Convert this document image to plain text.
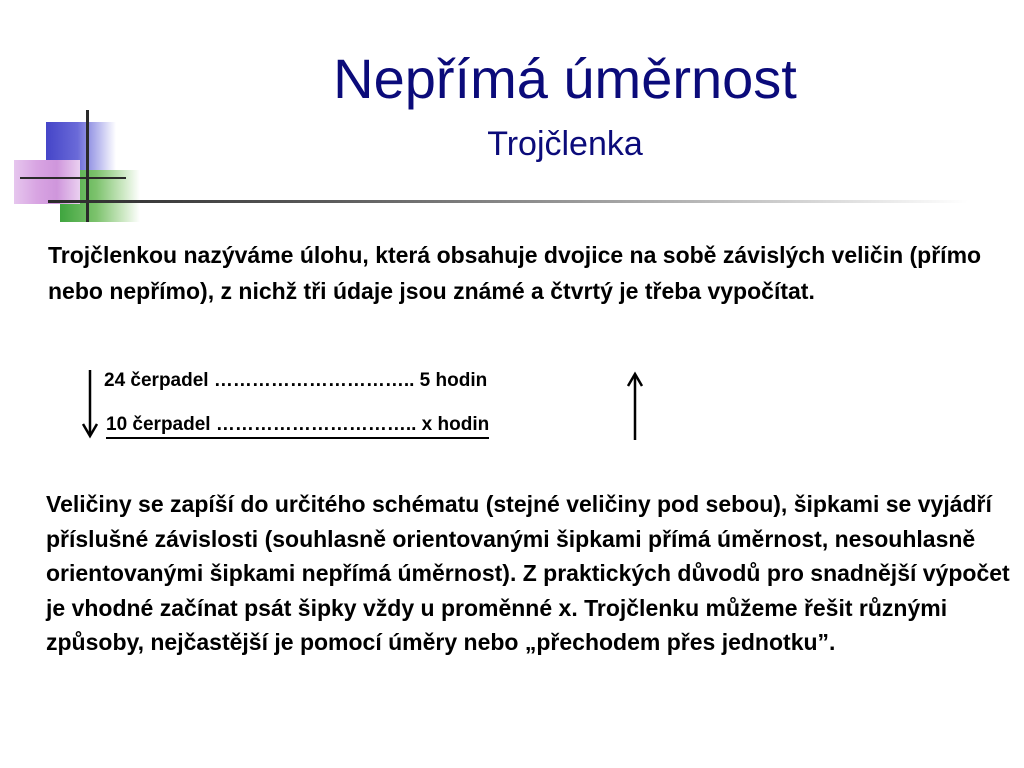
Nepřímá úměrnost
Trojčlenka

Trojčlenkou nazýváme úlohu, která obsahuje dvojice na sobě závislých veličin (přímo nebo nepřímo), z nichž tři údaje jsou známé a čtvrtý je třeba vypočítat.

24 čerpadel ………………………….. 5 hodin
10 čerpadel ………………………….. x hodin

Veličiny se zapíší do určitého schématu (stejné veličiny pod sebou), šipkami se vyjádří příslušné závislosti (souhlasně orientovanými šipkami přímá úměrnost, nesouhlasně orientovanými šipkami nepřímá úměrnost). Z praktických důvodů pro snadnější výpočet je vhodné začínat psát šipky vždy u proměnné x. Trojčlenku můžeme řešit různými způsoby, nejčastější je pomocí úměry nebo „přechodem přes jednotku”.
